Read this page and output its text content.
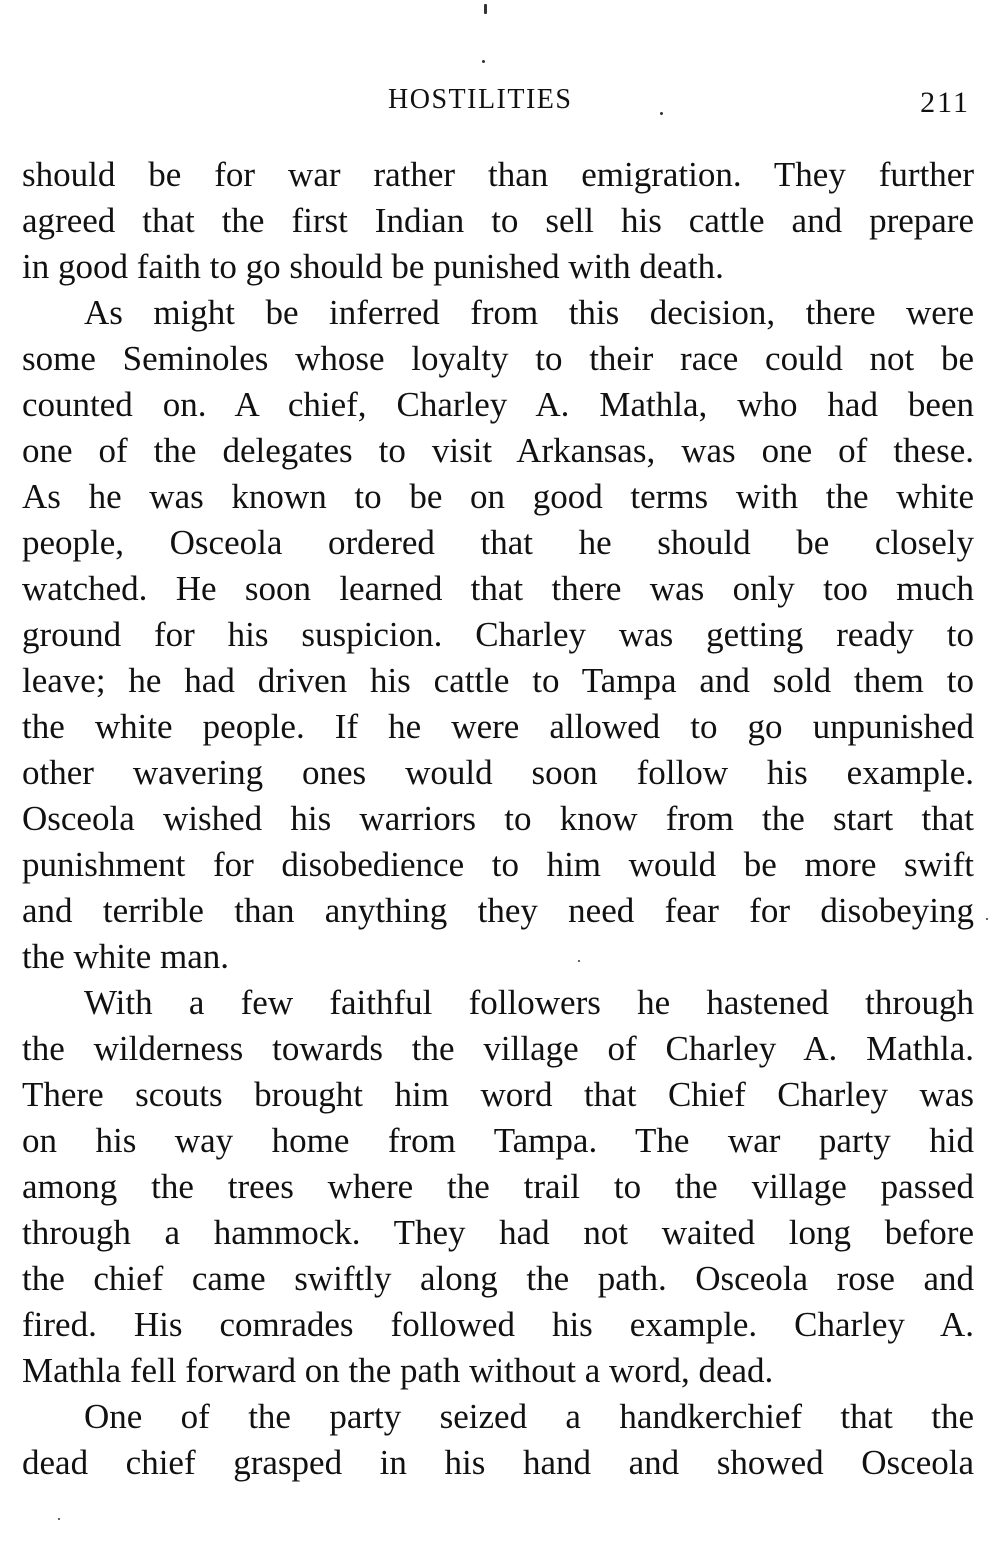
HOSTILITIES	211
should be for war rather than emigration. They further
agreed that the first Indian to sell his cattle and prepare
in good faith to go should be punished with death.
As might be inferred from this decision, there were
some Seminoles whose loyalty to their race could not be
counted on. A chief, Charley A. Mathla, who had been
one of the delegates to visit Arkansas, was one of these.
As he was known to be on good terms with the white
people, Osceola ordered that he should be closely
watched. He soon learned that there was only too much
ground for his suspicion. Charley was getting ready to
leave; he had driven his cattle to Tampa and sold them to
the white people. If he were allowed to go unpunished
other wavering ones would soon follow his example.
Osceola wished his warriors to know from the start that
punishment for disobedience to him would be more swift
and terrible than anything they need fear for disobeying
the white man.
With a few faithful followers he hastened through
the wilderness towards the village of Charley A. Mathla.
There scouts brought him word that Chief Charley was
on his way home from Tampa. The war party hid
among the trees where the trail to the village passed
through a hammock. They had not waited long before
the chief came swiftly along the path. Osceola rose and
fired. His comrades followed his example. Charley A.
Mathla fell forward on the path without a word, dead.
One of the party seized a handkerchief that the
dead chief grasped in his hand and showed Osceola
